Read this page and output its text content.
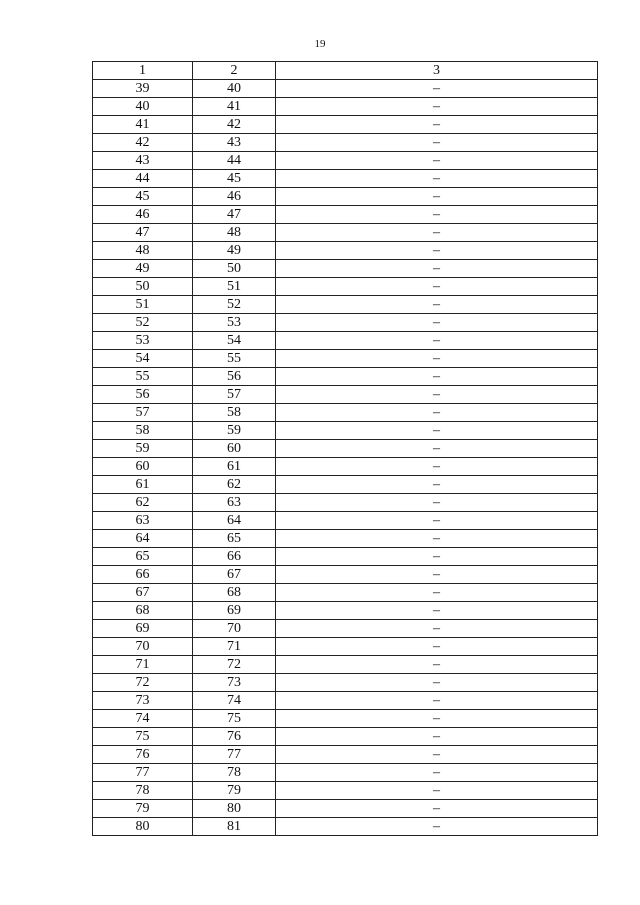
19
1	2	3
39	40	–
40	41	–
41	42	–
42	43	–
43	44	–
44	45	–
45	46	–
46	47	–
47	48	–
48	49	–
49	50	–
50	51	–
51	52	–
52	53	–
53	54	–
54	55	–
55	56	–
56	57	–
57	58	–
58	59	–
59	60	–
60	61	–
61	62	–
62	63	–
63	64	–
64	65	–
65	66	–
66	67	–
67	68	–
68	69	–
69	70	–
70	71	–
71	72	–
72	73	–
73	74	–
74	75	–
75	76	–
76	77	–
77	78	–
78	79	–
79	80	–
80	81	–
